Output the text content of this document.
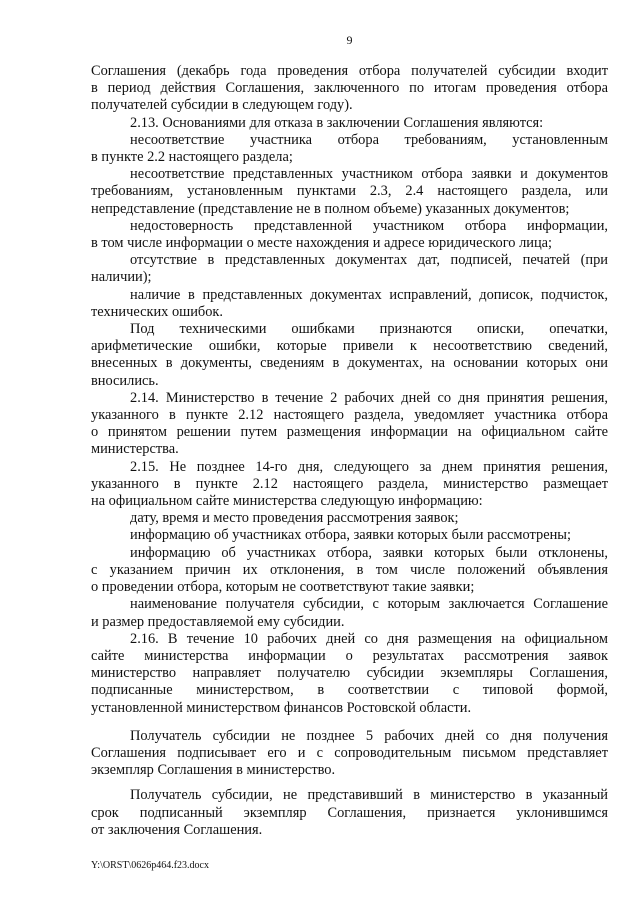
9
Соглашения (декабрь года проведения отбора получателей субсидии входит
в период действия Соглашения, заключенного по итогам проведения отбора
получателей субсидии в следующем году).
2.13. Основаниями для отказа в заключении Соглашения являются:
несоответствие участника отбора требованиям, установленным
в пункте 2.2 настоящего раздела;
несоответствие представленных участником отбора заявки и документов
требованиям, установленным пунктами 2.3, 2.4 настоящего раздела, или
непредставление (представление не в полном объеме) указанных документов;
недостоверность представленной участником отбора информации,
в том числе информации о месте нахождения и адресе юридического лица;
отсутствие в представленных документах дат, подписей, печатей (при
наличии);
наличие в представленных документах исправлений, дописок, подчисток,
технических ошибок.
Под техническими ошибками признаются описки, опечатки,
арифметические ошибки, которые привели к несоответствию сведений,
внесенных в документы, сведениям в документах, на основании которых они
вносились.
2.14. Министерство в течение 2 рабочих дней со дня принятия решения,
указанного в пункте 2.12 настоящего раздела, уведомляет участника отбора
о принятом решении путем размещения информации на официальном сайте
министерства.
2.15. Не позднее 14-го дня, следующего за днем принятия решения,
указанного в пункте 2.12 настоящего раздела, министерство размещает
на официальном сайте министерства следующую информацию:
дату, время и место проведения рассмотрения заявок;
информацию об участниках отбора, заявки которых были рассмотрены;
информацию об участниках отбора, заявки которых были отклонены,
с указанием причин их отклонения, в том числе положений объявления
о проведении отбора, которым не соответствуют такие заявки;
наименование получателя субсидии, с которым заключается Соглашение
и размер предоставляемой ему субсидии.
2.16. В течение 10 рабочих дней со дня размещения на официальном
сайте министерства информации о результатах рассмотрения заявок
министерство направляет получателю субсидии экземпляры Соглашения,
подписанные министерством, в соответствии с типовой формой,
установленной министерством финансов Ростовской области.
Получатель субсидии не позднее 5 рабочих дней со дня получения
Соглашения подписывает его и с сопроводительным письмом представляет
экземпляр Соглашения в министерство.
Получатель субсидии, не представивший в министерство в указанный
срок подписанный экземпляр Соглашения, признается уклонившимся
от заключения Соглашения.
Y:\ORST\0626p464.f23.docx
